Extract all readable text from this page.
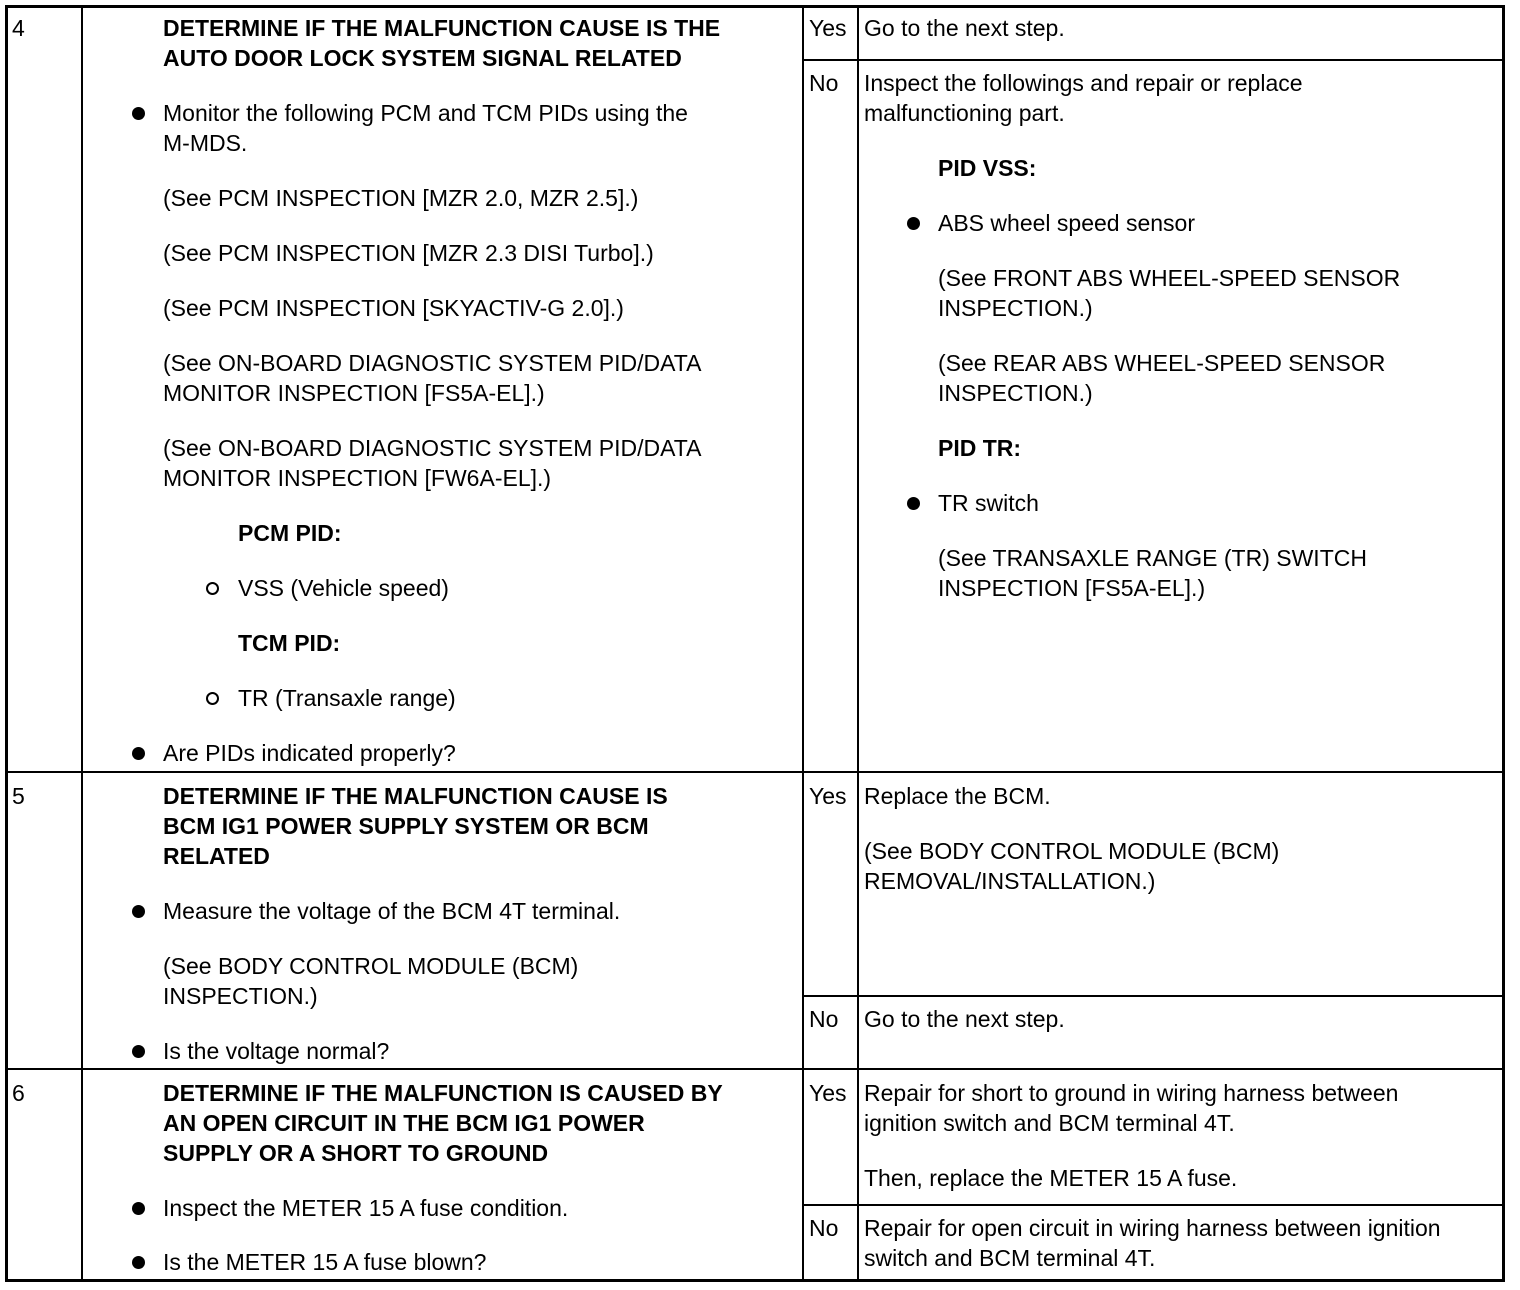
4	DETERMINE IF THE MALFUNCTION CAUSE IS THE
AUTO DOOR LOCK SYSTEM SIGNAL RELATED
Monitor the following PCM and TCM PIDs using the
M-MDS.
(See PCM INSPECTION [MZR 2.0, MZR 2.5].)
(See PCM INSPECTION [MZR 2.3 DISI Turbo].)
(See PCM INSPECTION [SKYACTIV-G 2.0].)
(See ON-BOARD DIAGNOSTIC SYSTEM PID/DATA
MONITOR INSPECTION [FS5A-EL].)
(See ON-BOARD DIAGNOSTIC SYSTEM PID/DATA
MONITOR INSPECTION [FW6A-EL].)
PCM PID:
VSS (Vehicle speed)
TCM PID:
TR (Transaxle range)
Are PIDs indicated properly?
Yes Go to the next step.
No Inspect the followings and repair or replace
malfunctioning part.
PID VSS:
ABS wheel speed sensor
(See FRONT ABS WHEEL-SPEED SENSOR
INSPECTION.)
(See REAR ABS WHEEL-SPEED SENSOR
INSPECTION.)
PID TR:
TR switch
(See TRANSAXLE RANGE (TR) SWITCH
INSPECTION [FS5A-EL].)
5	DETERMINE IF THE MALFUNCTION CAUSE IS
BCM IG1 POWER SUPPLY SYSTEM OR BCM
RELATED
Measure the voltage of the BCM 4T terminal.
(See BODY CONTROL MODULE (BCM)
INSPECTION.)
Is the voltage normal?
Yes Replace the BCM.
(See BODY CONTROL MODULE (BCM)
REMOVAL/INSTALLATION.)
No Go to the next step.
6	DETERMINE IF THE MALFUNCTION IS CAUSED BY
AN OPEN CIRCUIT IN THE BCM IG1 POWER
SUPPLY OR A SHORT TO GROUND
Inspect the METER 15 A fuse condition.
Is the METER 15 A fuse blown?
Yes Repair for short to ground in wiring harness between
ignition switch and BCM terminal 4T.
Then, replace the METER 15 A fuse.
No Repair for open circuit in wiring harness between ignition
switch and BCM terminal 4T.
